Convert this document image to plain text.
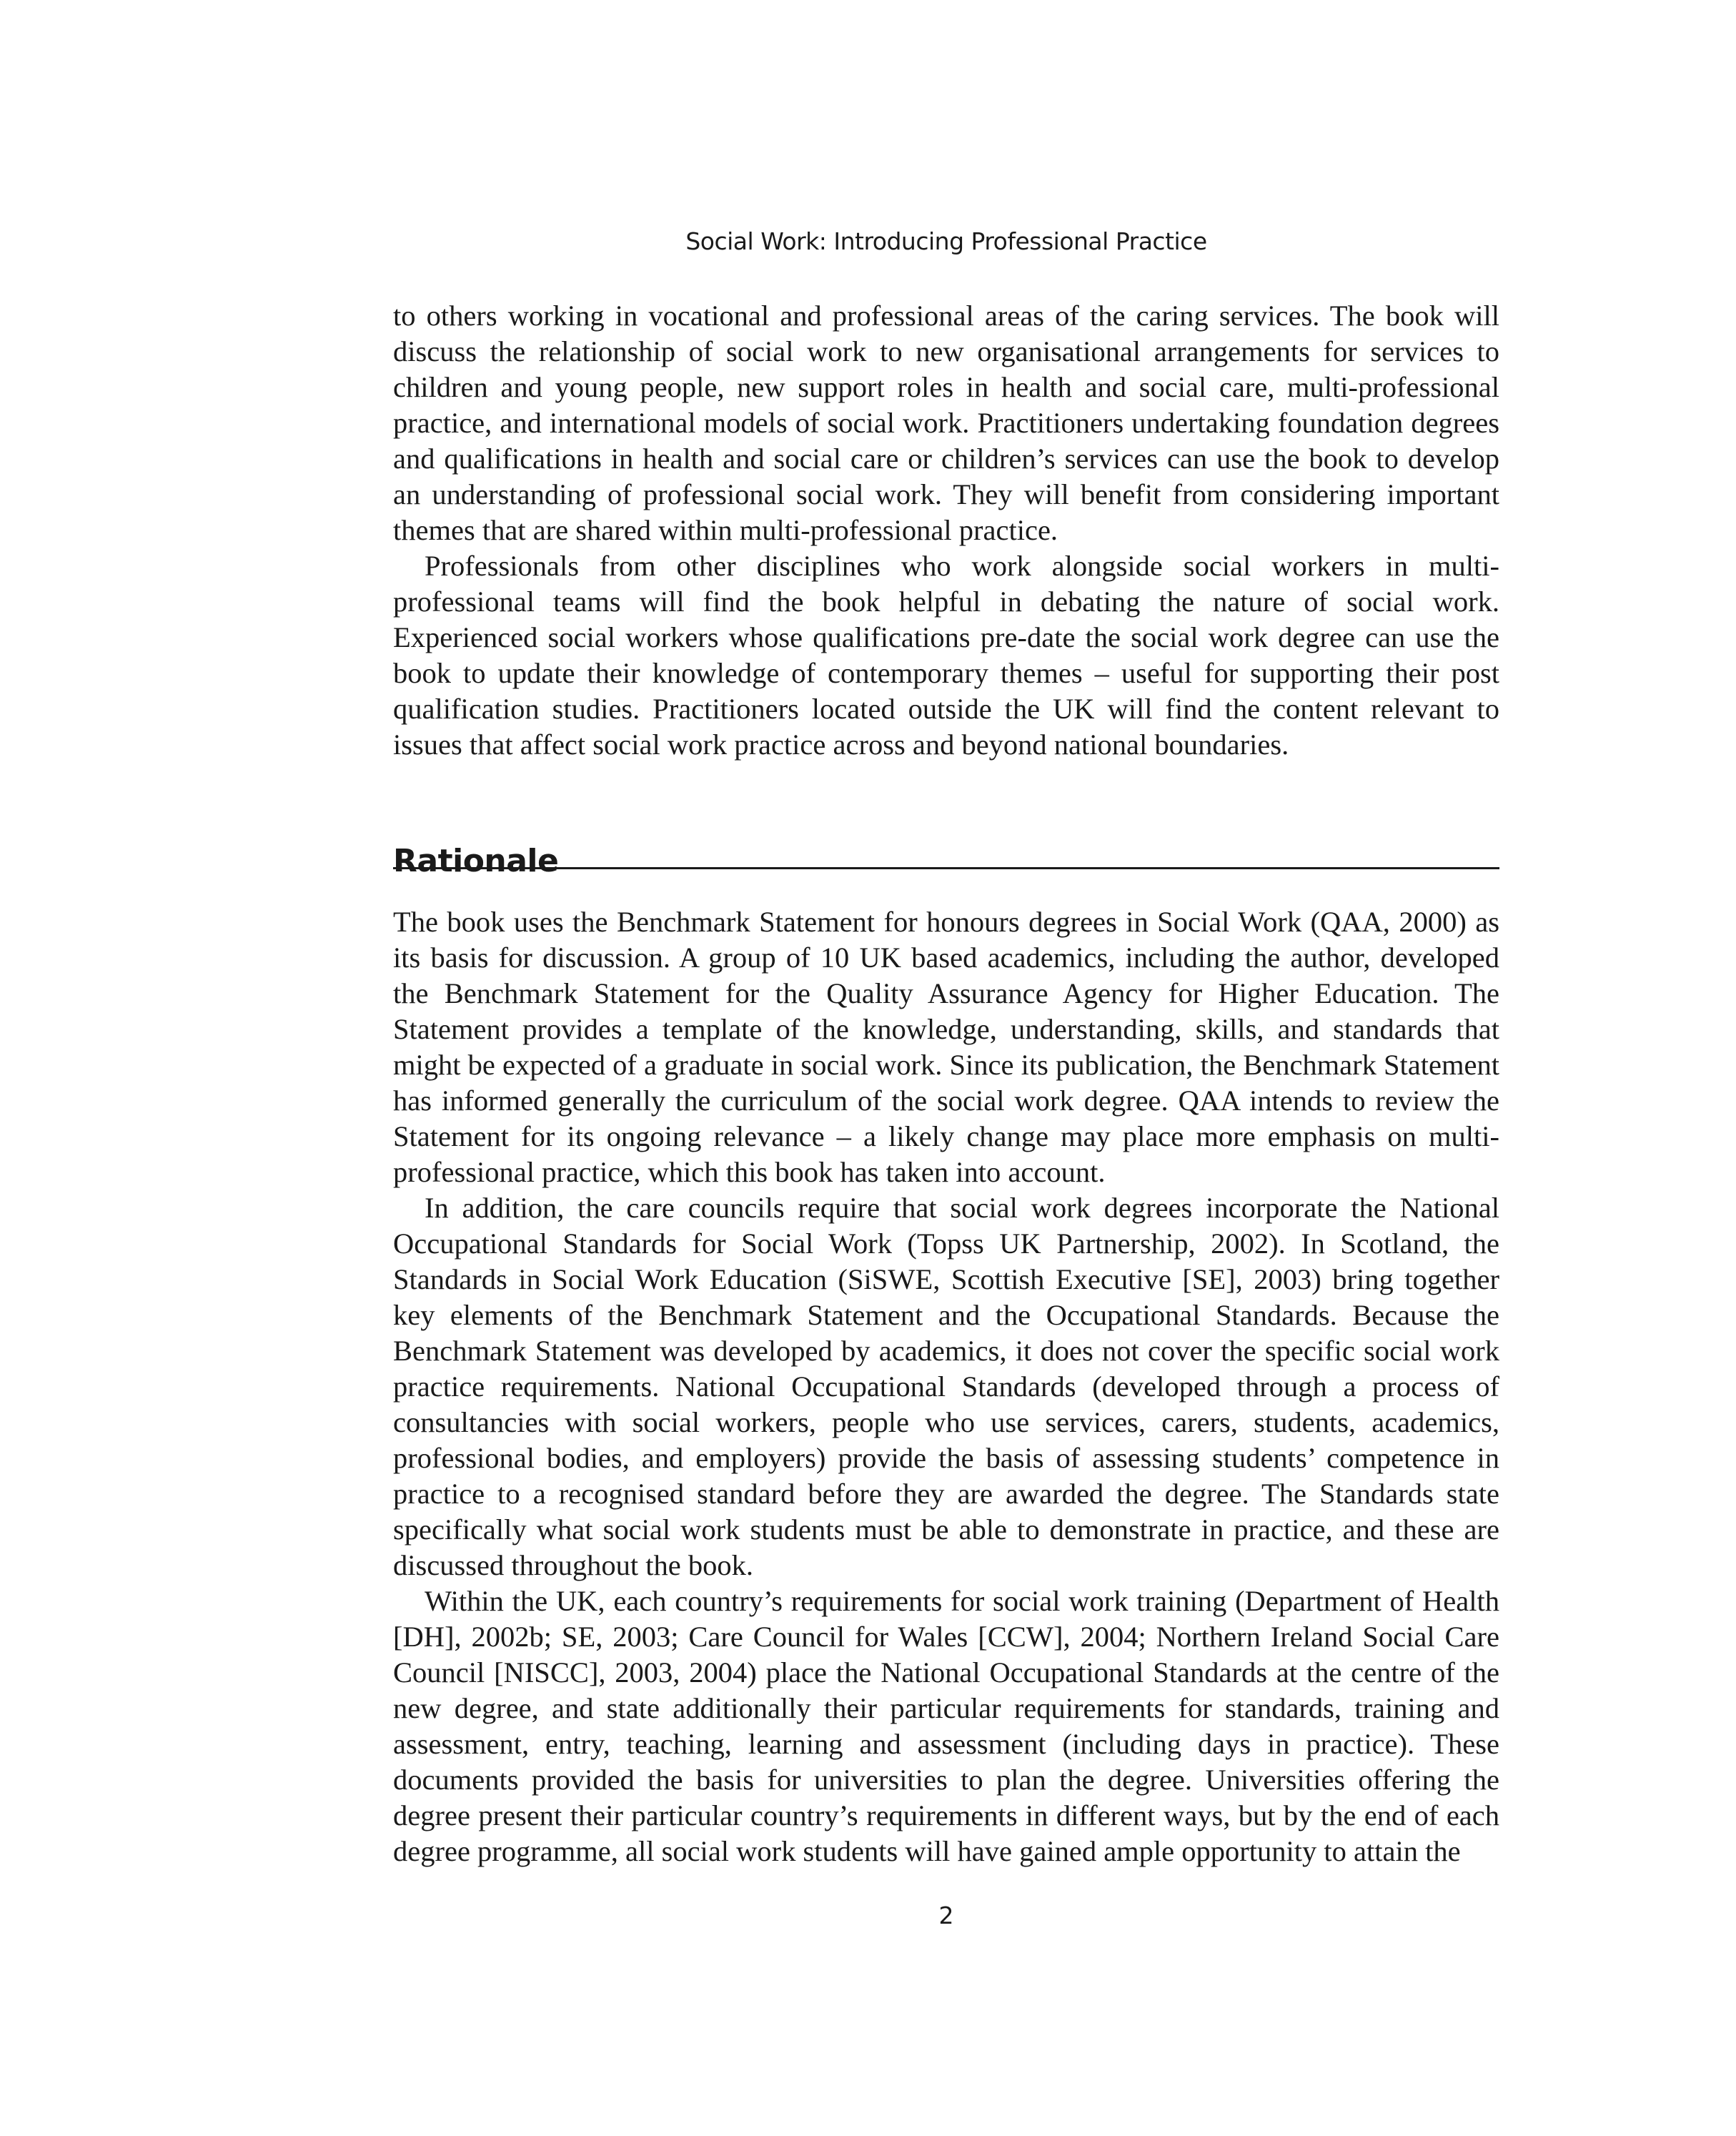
Social Work: Introducing Professional Practice

to others working in vocational and professional areas of the caring services. The book will discuss the relationship of social work to new organisational arrangements for services to children and young people, new support roles in health and social care, multi-professional practice, and international models of social work. Practitioners undertaking foundation degrees and qualifications in health and social care or children’s services can use the book to develop an understanding of professional social work. They will benefit from considering important themes that are shared within multi-professional practice.

Professionals from other disciplines who work alongside social workers in multi-professional teams will find the book helpful in debating the nature of social work. Experienced social workers whose qualifications pre-date the social work degree can use the book to update their knowledge of contemporary themes – useful for supporting their post qualification studies. Practitioners located outside the UK will find the content relevant to issues that affect social work practice across and beyond national boundaries.

Rationale

The book uses the Benchmark Statement for honours degrees in Social Work (QAA, 2000) as its basis for discussion. A group of 10 UK based academics, including the author, developed the Benchmark Statement for the Quality Assurance Agency for Higher Education. The Statement provides a template of the knowledge, understanding, skills, and standards that might be expected of a graduate in social work. Since its publication, the Benchmark Statement has informed generally the curriculum of the social work degree. QAA intends to review the Statement for its ongoing relevance – a likely change may place more emphasis on multi-professional practice, which this book has taken into account.

In addition, the care councils require that social work degrees incorporate the National Occupational Standards for Social Work (Topss UK Partnership, 2002). In Scotland, the Standards in Social Work Education (SiSWE, Scottish Executive [SE], 2003) bring together key elements of the Benchmark Statement and the Occupational Standards. Because the Benchmark Statement was developed by academics, it does not cover the specific social work practice requirements. National Occupational Standards (developed through a process of consultancies with social workers, people who use services, carers, students, academics, professional bodies, and employers) provide the basis of assessing students’ competence in practice to a recognised standard before they are awarded the degree. The Standards state specifically what social work students must be able to demonstrate in practice, and these are discussed throughout the book.

Within the UK, each country’s requirements for social work training (Department of Health [DH], 2002b; SE, 2003; Care Council for Wales [CCW], 2004; Northern Ireland Social Care Council [NISCC], 2003, 2004) place the National Occupational Standards at the centre of the new degree, and state additionally their particular requirements for standards, training and assessment, entry, teaching, learning and assessment (including days in practice). These documents provided the basis for universities to plan the degree. Universities offering the degree present their particular country’s requirements in different ways, but by the end of each degree programme, all social work students will have gained ample opportunity to attain the

2
